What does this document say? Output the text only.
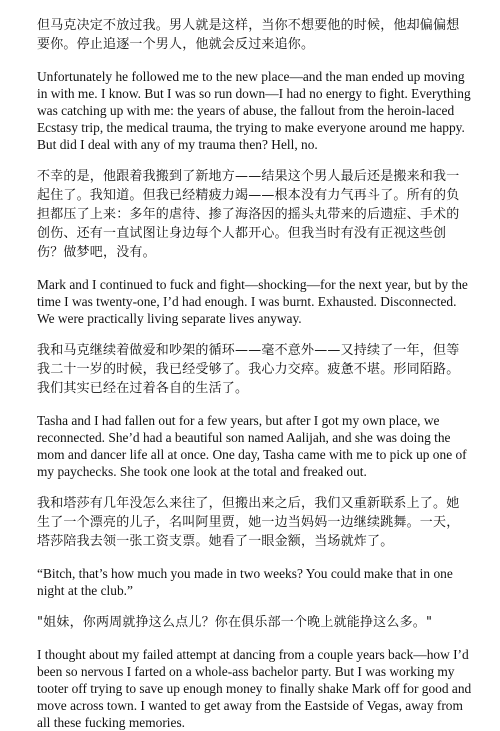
但马克决定不放过我。男人就是这样，当你不想要他的时候，他却偏偏想要你。停止追逐一个男人，他就会反过来追你。

Unfortunately he followed me to the new place—and the man ended up moving in with me. I know. But I was so run down—I had no energy to fight. Everything was catching up with me: the years of abuse, the fallout from the heroin-laced Ecstasy trip, the medical trauma, the trying to make everyone around me happy. But did I deal with any of my trauma then? Hell, no.

不幸的是，他跟着我搬到了新地方——结果这个男人最后还是搬来和我一起住了。我知道。但我已经精疲力竭——根本没有力气再斗了。所有的负担都压了上来：多年的虐待、掺了海洛因的摇头丸带来的后遗症、手术的创伤、还有一直试图让身边每个人都开心。但我当时有没有正视这些创伤？做梦吧，没有。

Mark and I continued to fuck and fight—shocking—for the next year, but by the time I was twenty-one, I’d had enough. I was burnt. Exhausted. Disconnected. We were practically living separate lives anyway.

我和马克继续着做爱和吵架的循环——毫不意外——又持续了一年，但等我二十一岁的时候，我已经受够了。我心力交瘁。疲惫不堪。形同陌路。我们其实已经在过着各自的生活了。

Tasha and I had fallen out for a few years, but after I got my own place, we reconnected. She’d had a beautiful son named Aalijah, and she was doing the mom and dancer life all at once. One day, Tasha came with me to pick up one of my paychecks. She took one look at the total and freaked out.

我和塔莎有几年没怎么来往了，但搬出来之后，我们又重新联系上了。她生了一个漂亮的儿子，名叫阿里贾，她一边当妈妈一边继续跳舞。一天，塔莎陪我去领一张工资支票。她看了一眼金额，当场就炸了。

“Bitch, that’s how much you made in two weeks? You could make that in one night at the club.”

"姐妹，你两周就挣这么点儿？你在俱乐部一个晚上就能挣这么多。"

I thought about my failed attempt at dancing from a couple years back—how I’d been so nervous I farted on a whole-ass bachelor party. But I was working my tooter off trying to save up enough money to finally shake Mark off for good and move across town. I wanted to get away from the Eastside of Vegas, away from all these fucking memories.
